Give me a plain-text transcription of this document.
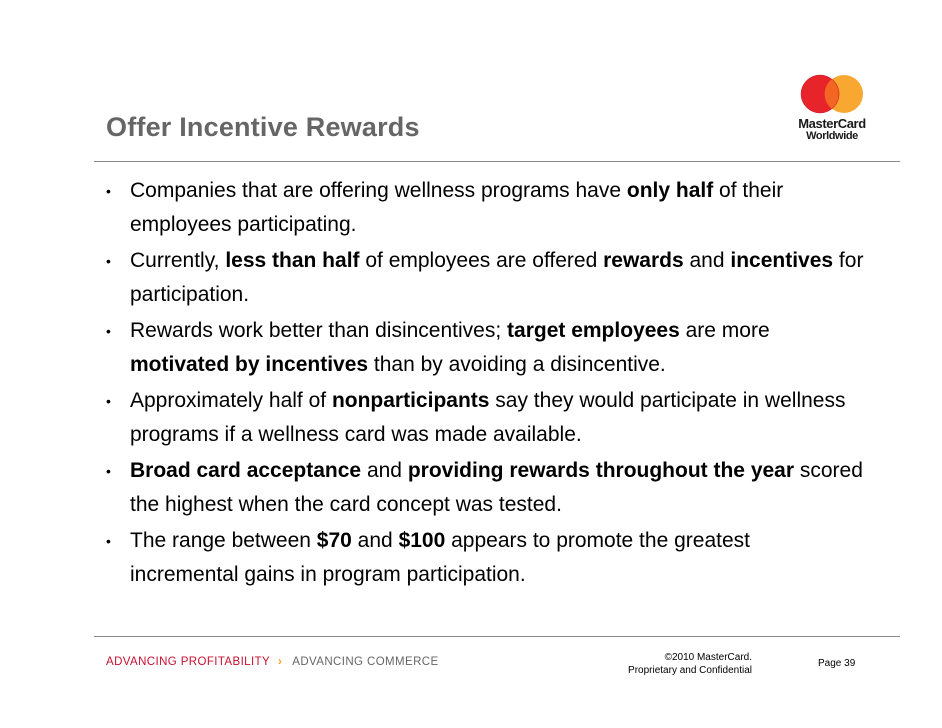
Offer Incentive Rewards	MasterCard
Worldwide
• Companies that are offering wellness programs have only half of their employees participating.
• Currently, less than half of employees are offered rewards and incentives for participation.
• Rewards work better than disincentives; target employees are more motivated by incentives than by avoiding a disincentive.
• Approximately half of nonparticipants say they would participate in wellness programs if a wellness card was made available.
• Broad card acceptance and providing rewards throughout the year scored the highest when the card concept was tested.
• The range between $70 and $100 appears to promote the greatest incremental gains in program participation.
ADVANCING PROFITABILITY › ADVANCING COMMERCE	©2010 MasterCard.
Proprietary and Confidential
Page 39
